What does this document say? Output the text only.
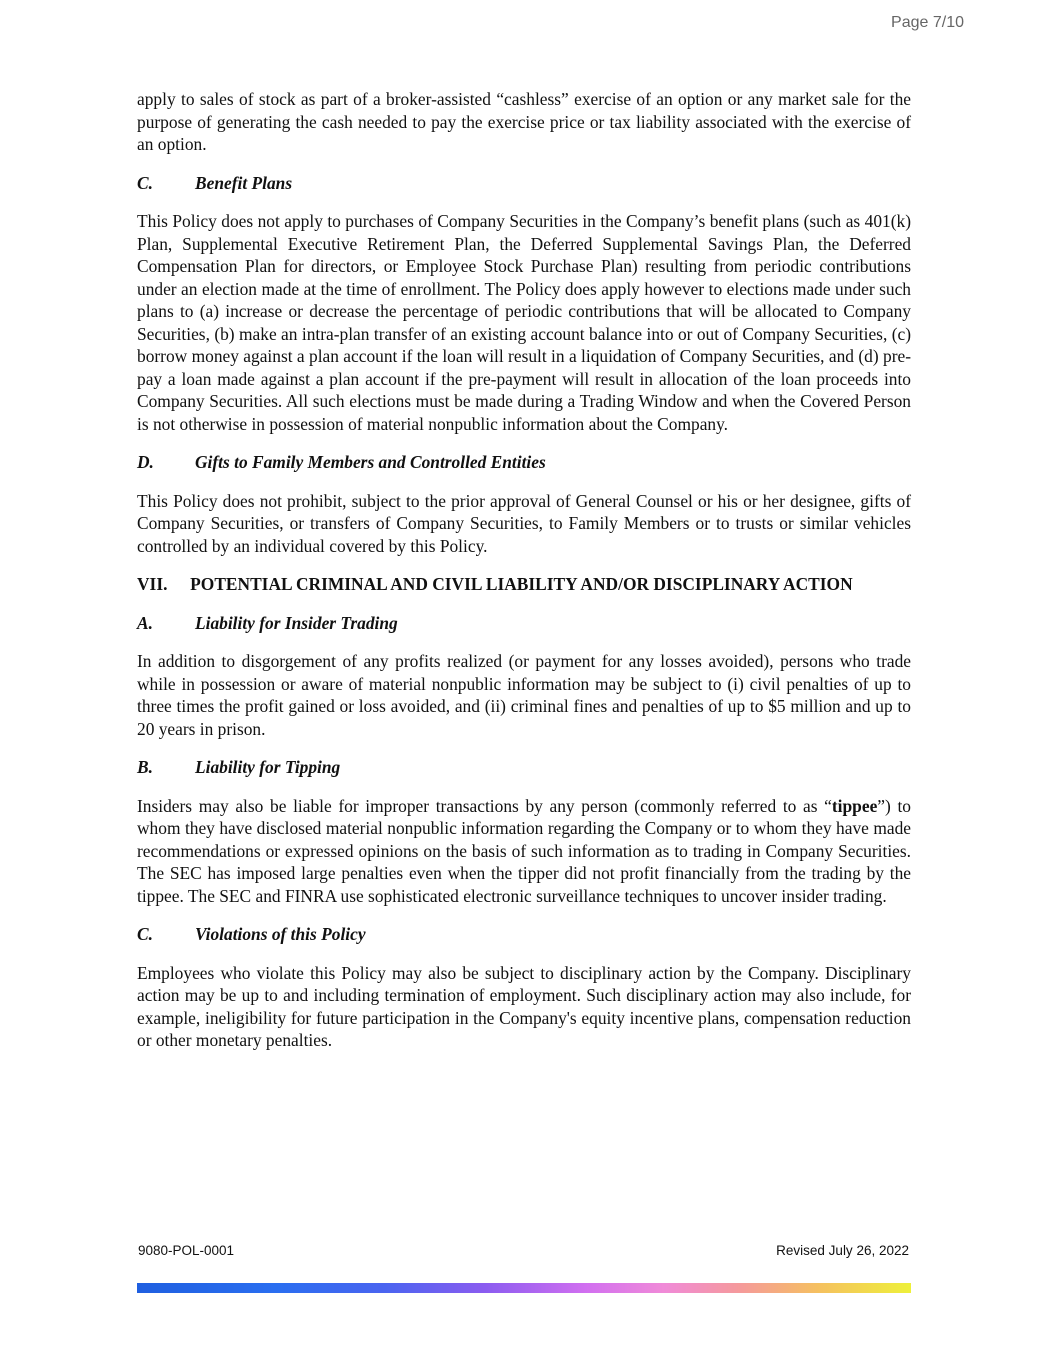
Page 7/10

apply to sales of stock as part of a broker-assisted “cashless” exercise of an option or any market sale for the purpose of generating the cash needed to pay the exercise price or tax liability associated with the exercise of an option.

C.	Benefit Plans

This Policy does not apply to purchases of Company Securities in the Company’s benefit plans (such as 401(k) Plan, Supplemental Executive Retirement Plan, the Deferred Supplemental Savings Plan, the Deferred Compensation Plan for directors, or Employee Stock Purchase Plan) resulting from periodic contributions under an election made at the time of enrollment. The Policy does apply however to elections made under such plans to (a) increase or decrease the percentage of periodic contributions that will be allocated to Company Securities, (b) make an intra-plan transfer of an existing account balance into or out of Company Securities, (c) borrow money against a plan account if the loan will result in a liquidation of Company Securities, and (d) pre-pay a loan made against a plan account if the pre-payment will result in allocation of the loan proceeds into Company Securities. All such elections must be made during a Trading Window and when the Covered Person is not otherwise in possession of material nonpublic information about the Company.

D.	Gifts to Family Members and Controlled Entities

This Policy does not prohibit, subject to the prior approval of General Counsel or his or her designee, gifts of Company Securities, or transfers of Company Securities, to Family Members or to trusts or similar vehicles controlled by an individual covered by this Policy.

VII. POTENTIAL CRIMINAL AND CIVIL LIABILITY AND/OR DISCIPLINARY ACTION
A.	Liability for Insider Trading

In addition to disgorgement of any profits realized (or payment for any losses avoided), persons who trade while in possession or aware of material nonpublic information may be subject to (i) civil penalties of up to three times the profit gained or loss avoided, and (ii) criminal fines and penalties of up to $5 million and up to 20 years in prison.

B.	Liability for Tipping

Insiders may also be liable for improper transactions by any person (commonly referred to as “tippee”) to whom they have disclosed material nonpublic information regarding the Company or to whom they have made recommendations or expressed opinions on the basis of such information as to trading in Company Securities. The SEC has imposed large penalties even when the tipper did not profit financially from the trading by the tippee. The SEC and FINRA use sophisticated electronic surveillance techniques to uncover insider trading.

C.	Violations of this Policy

Employees who violate this Policy may also be subject to disciplinary action by the Company. Disciplinary action may be up to and including termination of employment. Such disciplinary action may also include, for example, ineligibility for future participation in the Company's equity incentive plans, compensation reduction or other monetary penalties.

9080-POL-0001	Revised July 26, 2022
